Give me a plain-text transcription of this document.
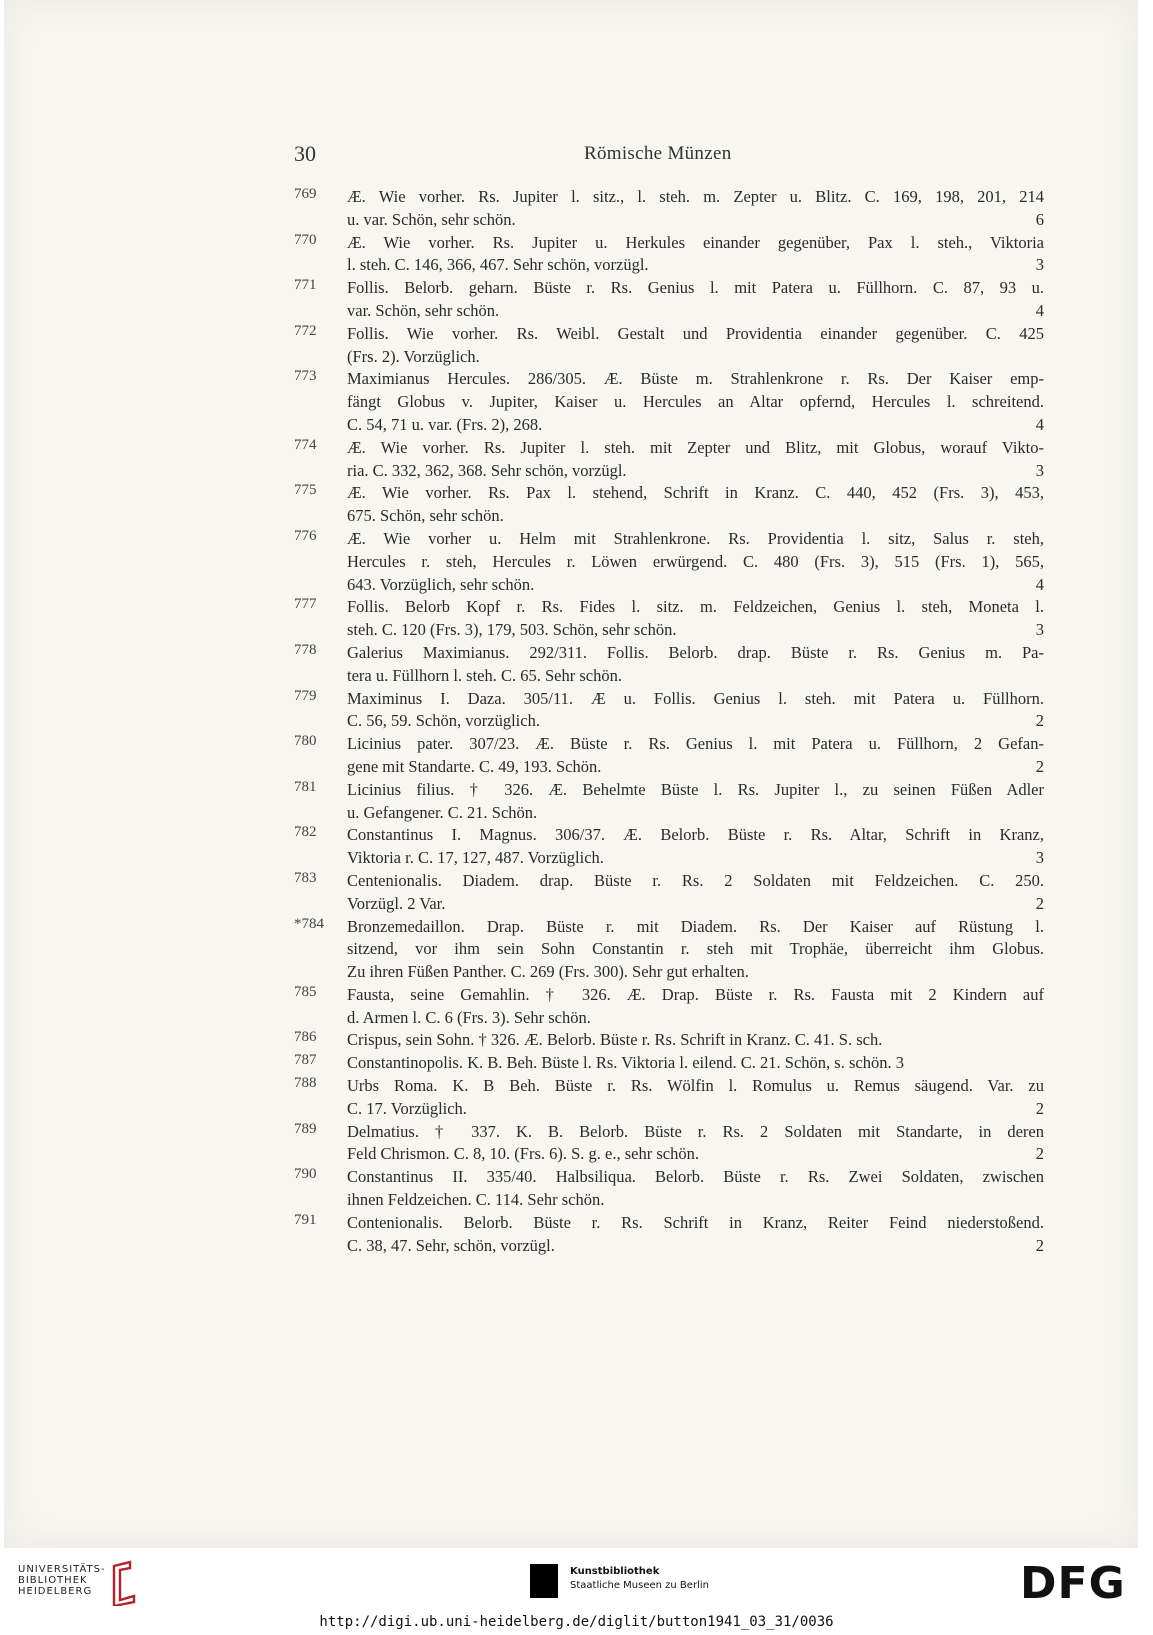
30	Römische Münzen
769	Æ. Wie vorher. Rs. Jupiter l. sitz., l. steh. m. Zepter u. Blitz. C. 169, 198, 201, 214
u. var. Schön, sehr schön.	6
770	Æ. Wie vorher. Rs. Jupiter u. Herkules einander gegenüber, Pax l. steh., Viktoria
l. steh. C. 146, 366, 467. Sehr schön, vorzügl.	3
771	Follis. Belorb. geharn. Büste r. Rs. Genius l. mit Patera u. Füllhorn. C. 87, 93 u.
var. Schön, sehr schön.	4
772	Follis. Wie vorher. Rs. Weibl. Gestalt und Providentia einander gegenüber. C. 425
(Frs. 2). Vorzüglich.
773	Maximianus Hercules. 286/305. Æ. Büste m. Strahlenkrone r. Rs. Der Kaiser emp-
fängt Globus v. Jupiter, Kaiser u. Hercules an Altar opfernd, Hercules l. schreitend.
C. 54, 71 u. var. (Frs. 2), 268.	4
774	Æ. Wie vorher. Rs. Jupiter l. steh. mit Zepter und Blitz, mit Globus, worauf Vikto-
ria. C. 332, 362, 368. Sehr schön, vorzügl.	3
775	Æ. Wie vorher. Rs. Pax l. stehend, Schrift in Kranz. C. 440, 452 (Frs. 3), 453,
675. Schön, sehr schön.
776	Æ. Wie vorher u. Helm mit Strahlenkrone. Rs. Providentia l. sitz, Salus r. steh,
Hercules r. steh, Hercules r. Löwen erwürgend. C. 480 (Frs. 3), 515 (Frs. 1), 565,
643. Vorzüglich, sehr schön.	4
777	Follis. Belorb Kopf r. Rs. Fides l. sitz. m. Feldzeichen, Genius l. steh, Moneta l.
steh. C. 120 (Frs. 3), 179, 503. Schön, sehr schön.	3
778	Galerius Maximianus. 292/311. Follis. Belorb. drap. Büste r. Rs. Genius m. Pa-
tera u. Füllhorn l. steh. C. 65. Sehr schön.
779	Maximinus I. Daza. 305/11. Æ u. Follis. Genius l. steh. mit Patera u. Füllhorn.
C. 56, 59. Schön, vorzüglich.	2
780	Licinius pater. 307/23. Æ. Büste r. Rs. Genius l. mit Patera u. Füllhorn, 2 Gefan-
gene mit Standarte. C. 49, 193. Schön.	2
781	Licinius filius. † 326. Æ. Behelmte Büste l. Rs. Jupiter l., zu seinen Füßen Adler
u. Gefangener. C. 21. Schön.
782	Constantinus I. Magnus. 306/37. Æ. Belorb. Büste r. Rs. Altar, Schrift in Kranz,
Viktoria r. C. 17, 127, 487. Vorzüglich.	3
783	Centenionalis. Diadem. drap. Büste r. Rs. 2 Soldaten mit Feldzeichen. C. 250.
Vorzügl. 2 Var.	2
*784	Bronzemedaillon. Drap. Büste r. mit Diadem. Rs. Der Kaiser auf Rüstung l.
sitzend, vor ihm sein Sohn Constantin r. steh mit Trophäe, überreicht ihm Globus.
Zu ihren Füßen Panther. C. 269 (Frs. 300). Sehr gut erhalten.
785	Fausta, seine Gemahlin. † 326. Æ. Drap. Büste r. Rs. Fausta mit 2 Kindern auf
d. Armen l. C. 6 (Frs. 3). Sehr schön.
786	Crispus, sein Sohn. † 326. Æ. Belorb. Büste r. Rs. Schrift in Kranz. C. 41. S. sch.
787	Constantinopolis. K. B. Beh. Büste l. Rs. Viktoria l. eilend. C. 21. Schön, s. schön. 3
788	Urbs Roma. K. B Beh. Büste r. Rs. Wölfin l. Romulus u. Remus säugend. Var. zu
C. 17. Vorzüglich.	2
789	Delmatius. † 337. K. B. Belorb. Büste r. Rs. 2 Soldaten mit Standarte, in deren
Feld Chrismon. C. 8, 10. (Frs. 6). S. g. e., sehr schön.	2
790	Constantinus II. 335/40. Halbsiliqua. Belorb. Büste r. Rs. Zwei Soldaten, zwischen
ihnen Feldzeichen. C. 114. Sehr schön.
791	Contenionalis. Belorb. Büste r. Rs. Schrift in Kranz, Reiter Feind niederstoßend.
C. 38, 47. Sehr, schön, vorzügl.	2
UNIVERSITÄTS-
BIBLIOTHEK
HEIDELBERG
Kunstbibliothek
Staatliche Museen zu Berlin	DFG
http://digi.ub.uni-heidelberg.de/diglit/button1941_03_31/0036
